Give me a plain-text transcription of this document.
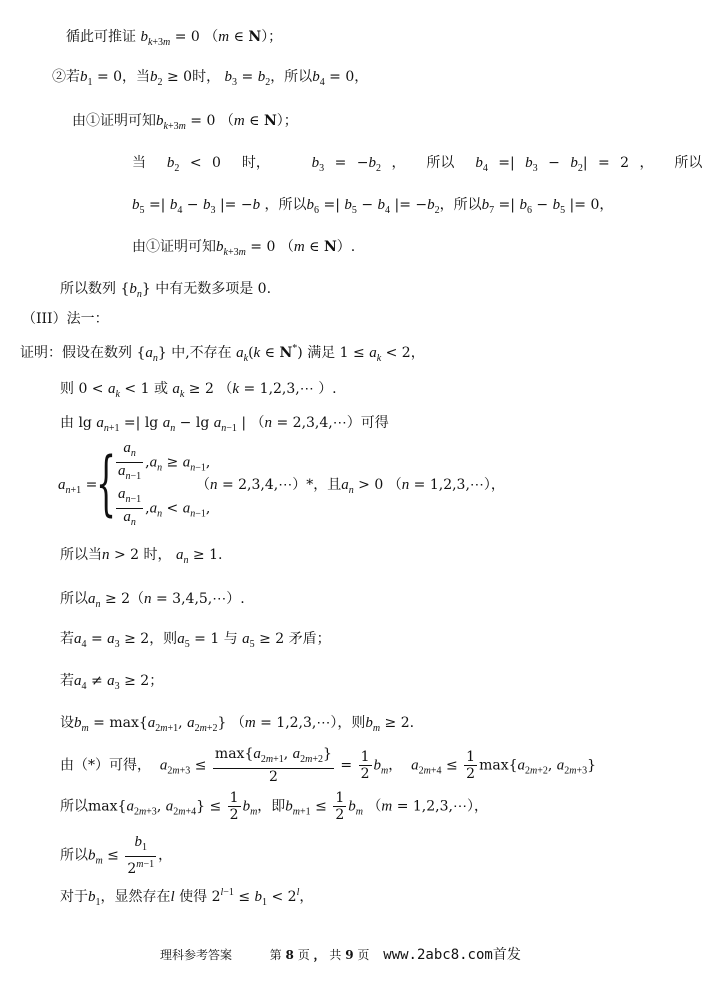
循此可推证 $b_{k+3m} = 0$ （m ∈ N）；
②若$b_1 = 0$，当$b_2 \ge 0$时， $b_3 = b_2$，所以$b_4 = 0$，
由①证明可知$b_{k+3m} = 0$ （m ∈ N）；
当 $b_2 < 0$  时，	$b_3 = -b_2$ ，  所以 $b_4$ =| $b_3 - b_2| = 2$ ，  所以
$b_5$ =| $b_4 - b_3$ |= −b ，所以$b_6$ =| $b_5 - b_4$ |= $-b_2$，所以$b_7$ =| $b_6 - b_5$ |= 0，
由①证明可知$b_{k+3m} = 0$ （m ∈ N）.
所以数列 $\{b_n\}$ 中有无数多项是 0.
（III）法一：
证明：假设在数列 $\{a_n\}$ 中,不存在 $a_k(k$ ∈ N*) 满足 $1 \le a_k < 2$，
则 $0 < a_k < 1$ 或 $a_k \ge 2$ （k = 1,2,3,⋯ ）.
由 $\lg a_{n+1}$ =| $\lg a_n - \lg a_{n-1}$ | （n = 2,3,4,⋯）可得
$a_{n+1}$ =
{ $\frac{a_n}{a_{n-1}} ,a_n \ge a_{n-1}$,
$\frac{a_{n-1}}{a_n} ,a_n < a_{n-1}$,
（n = 2,3,4,⋯）*，且$a_n > 0$ （n = 1,2,3,⋯），
所以当n > 2 时， $a_n \ge 1$.
所以$a_n \ge 2(n$ = 3,4,5,⋯）.
若$a_4 = a_3 \ge 2$，则$a_5 = 1$ 与 $a_5 \ge 2$ 矛盾；
若$a_4 \ne a_3 \ge 2$；
设$b_m = \max\{a_{2m+1}$, $a_{2m+2}$} （m = 1,2,3,⋯），则$b_m \ge 2$.
由（*）可得， $a_{2m+3} \le \frac{\max\{a_{2m+1}, a_{2m+2}\}}{2} = \frac{1}{2} b_m$， $a_{2m+4} \le \frac{1}{2} \max\{a_{2m+2}$, $a_{2m+3}$}
所以$\max\{a_{2m+3}$, $a_{2m+4}\} \le \frac{1}{2} b_m$，即$b_{m+1} \le \frac{1}{2} b_m$ （m = 1,2,3,⋯），
所以$b_m \le \frac{b_1}{2^{m-1}}$ ，
对于$b_1$，显然存在l 使得 $2^{l-1} \le b_1 < 2^l$，
理科参考答案	第 8 页 ， 共 9 页 www.2abc8.com首发
